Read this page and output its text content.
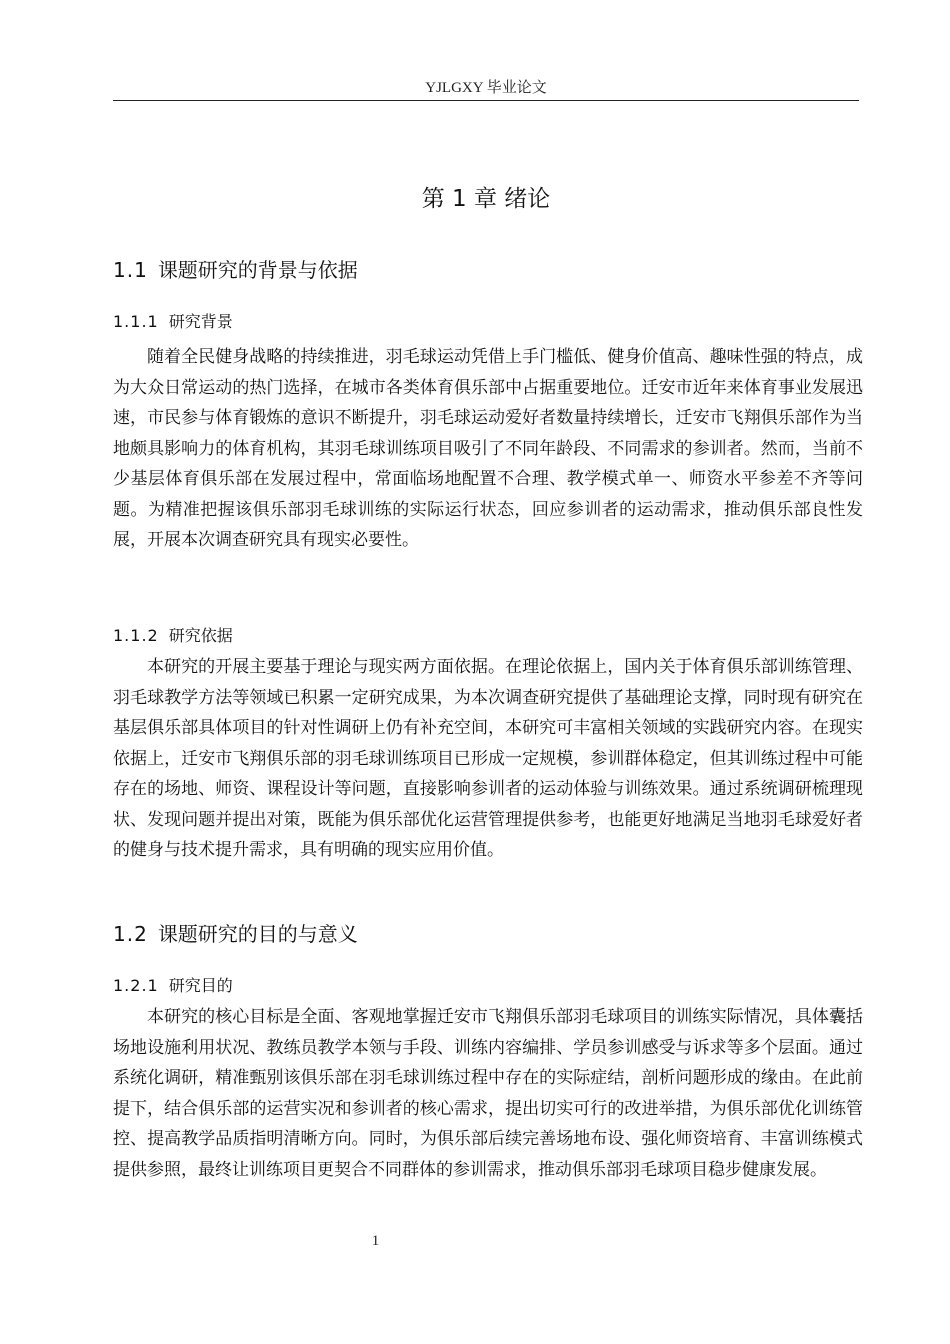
YJLGXY 毕业论文
第 1 章 绪论
1.1 课题研究的背景与依据
1.1.1 研究背景

随着全民健身战略的持续推进，羽毛球运动凭借上手门槛低、健身价值高、趣味性强的特点，成为大众日常运动的热门选择，在城市各类体育俱乐部中占据重要地位。迁安市近年来体育事业发展迅速，市民参与体育锻炼的意识不断提升，羽毛球运动爱好者数量持续增长，迁安市飞翔俱乐部作为当地颇具影响力的体育机构，其羽毛球训练项目吸引了不同年龄段、不同需求的参训者。然而，当前不少基层体育俱乐部在发展过程中，常面临场地配置不合理、教学模式单一、师资水平参差不齐等问题。为精准把握该俱乐部羽毛球训练的实际运行状态，回应参训者的运动需求，推动俱乐部良性发展，开展本次调查研究具有现实必要性。

1.1.2 研究依据

本研究的开展主要基于理论与现实两方面依据。在理论依据上，国内关于体育俱乐部训练管理、羽毛球教学方法等领域已积累一定研究成果，为本次调查研究提供了基础理论支撑，同时现有研究在基层俱乐部具体项目的针对性调研上仍有补充空间，本研究可丰富相关领域的实践研究内容。在现实依据上，迁安市飞翔俱乐部的羽毛球训练项目已形成一定规模，参训群体稳定，但其训练过程中可能存在的场地、师资、课程设计等问题，直接影响参训者的运动体验与训练效果。通过系统调研梳理现状、发现问题并提出对策，既能为俱乐部优化运营管理提供参考，也能更好地满足当地羽毛球爱好者的健身与技术提升需求，具有明确的现实应用价值。

1.2 课题研究的目的与意义
1.2.1 研究目的

本研究的核心目标是全面、客观地掌握迁安市飞翔俱乐部羽毛球项目的训练实际情况，具体囊括场地设施利用状况、教练员教学本领与手段、训练内容编排、学员参训感受与诉求等多个层面。通过系统化调研，精准甄别该俱乐部在羽毛球训练过程中存在的实际症结，剖析问题形成的缘由。在此前提下，结合俱乐部的运营实况和参训者的核心需求，提出切实可行的改进举措，为俱乐部优化训练管控、提高教学品质指明清晰方向。同时，为俱乐部后续完善场地布设、强化师资培育、丰富训练模式提供参照，最终让训练项目更契合不同群体的参训需求，推动俱乐部羽毛球项目稳步健康发展。

1
